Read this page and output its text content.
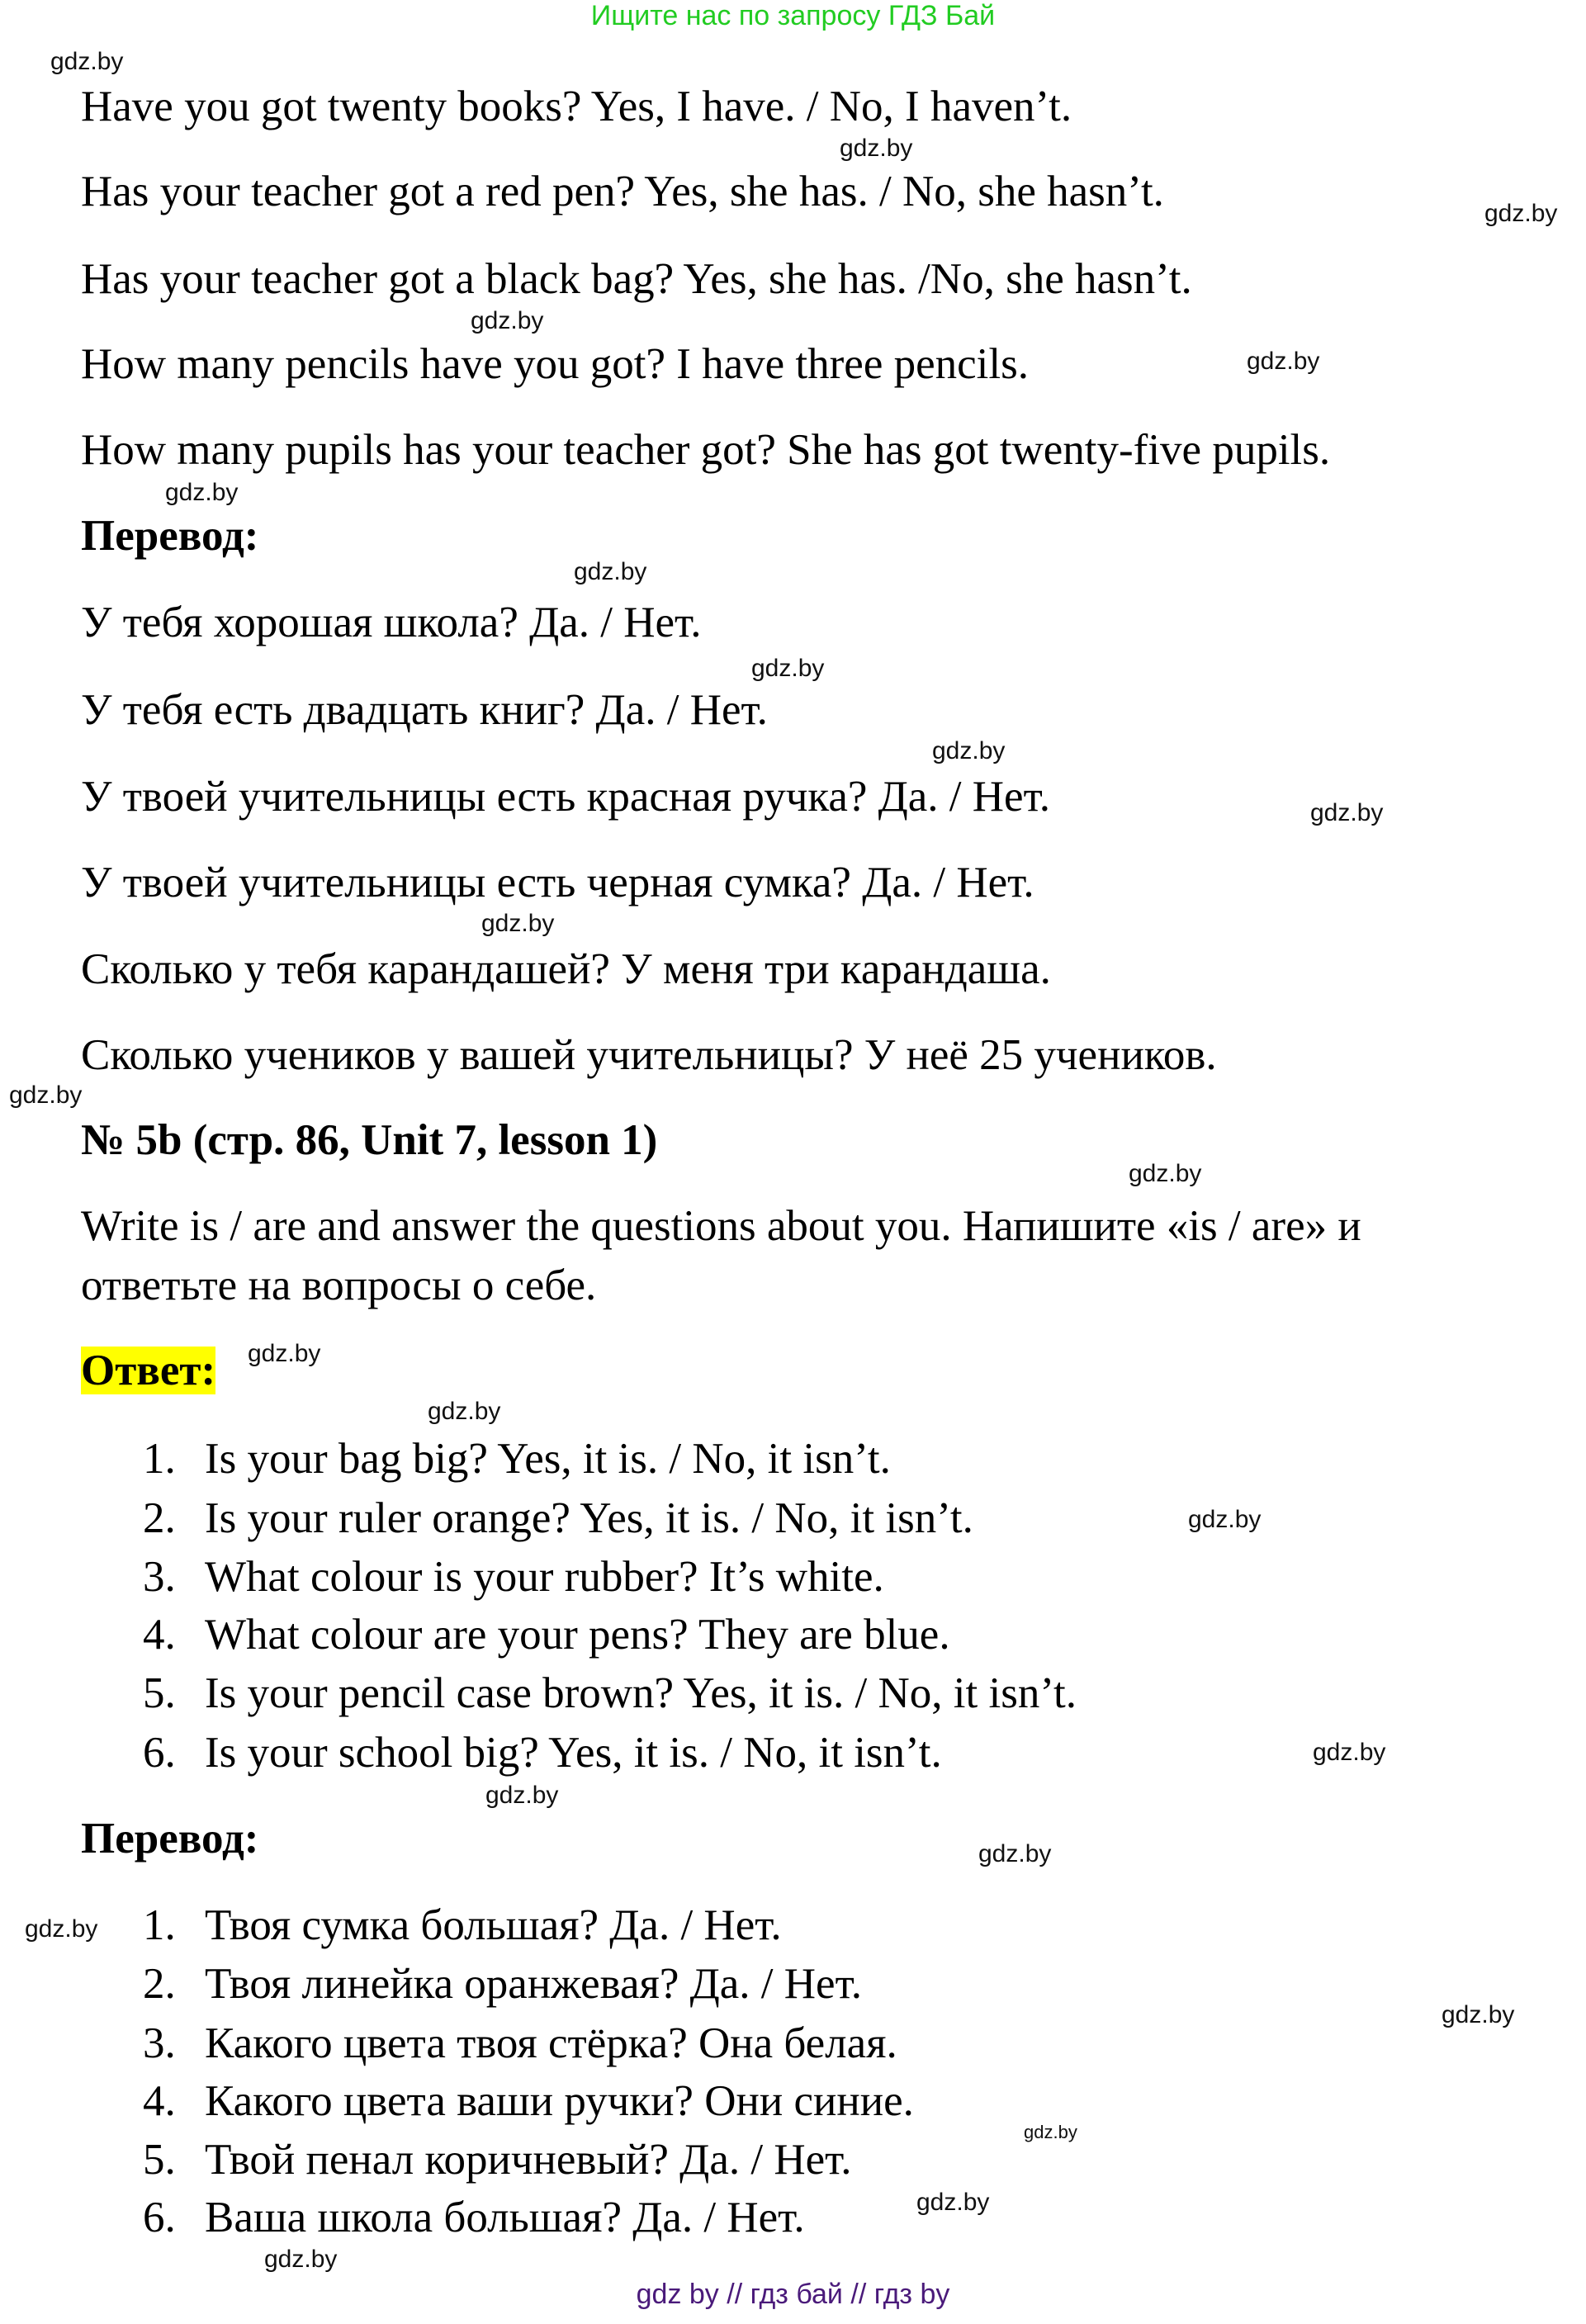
Ищите нас по запросу ГДЗ Бай
Have you got twenty books? Yes, I have. / No, I haven’t.
Has your teacher got a red pen? Yes, she has. / No, she hasn’t.
Has your teacher got a black bag? Yes, she has. /No, she hasn’t.
How many pencils have you got? I have three pencils.
How many pupils has your teacher got? She has got twenty-five pupils.
Перевод:
У тебя хорошая школа? Да. / Нет.
У тебя есть двадцать книг? Да. / Нет.
У твоей учительницы есть красная ручка? Да. / Нет.
У твоей учительницы есть черная сумка? Да. / Нет.
Сколько у тебя карандашей? У меня три карандаша.
Сколько учеников у вашей учительницы? У неё 25 учеников.
№ 5b (стр. 86, Unit 7, lesson 1)
Write is / are and answer the questions about you. Напишите «is / are» и
ответьте на вопросы о себе.
Ответ:
1. Is your bag big? Yes, it is. / No, it isn’t.
2. Is your ruler orange? Yes, it is. / No, it isn’t.
3. What colour is your rubber? It’s white.
4. What colour are your pens? They are blue.
5. Is your pencil case brown? Yes, it is. / No, it isn’t.
6. Is your school big? Yes, it is. / No, it isn’t.
Перевод:
1. Твоя сумка большая? Да. / Нет.
2. Твоя линейка оранжевая? Да. / Нет.
3. Какого цвета твоя стёрка? Она белая.
4. Какого цвета ваши ручки? Они синие.
5. Твой пенал коричневый? Да. / Нет.
6. Ваша школа большая? Да. / Нет.
gdz.by
gdz.by
gdz.by
gdz.by
gdz.by
gdz.by
gdz.by
gdz.by
gdz.by
gdz.by
gdz.by
gdz.by
gdz.by
gdz.by
gdz.by
gdz.by
gdz.by
gdz.by
gdz.by
gdz.by
gdz.by
gdz.by
gdz.by
gdz.by
gdz by // гдз бай // гдз by
